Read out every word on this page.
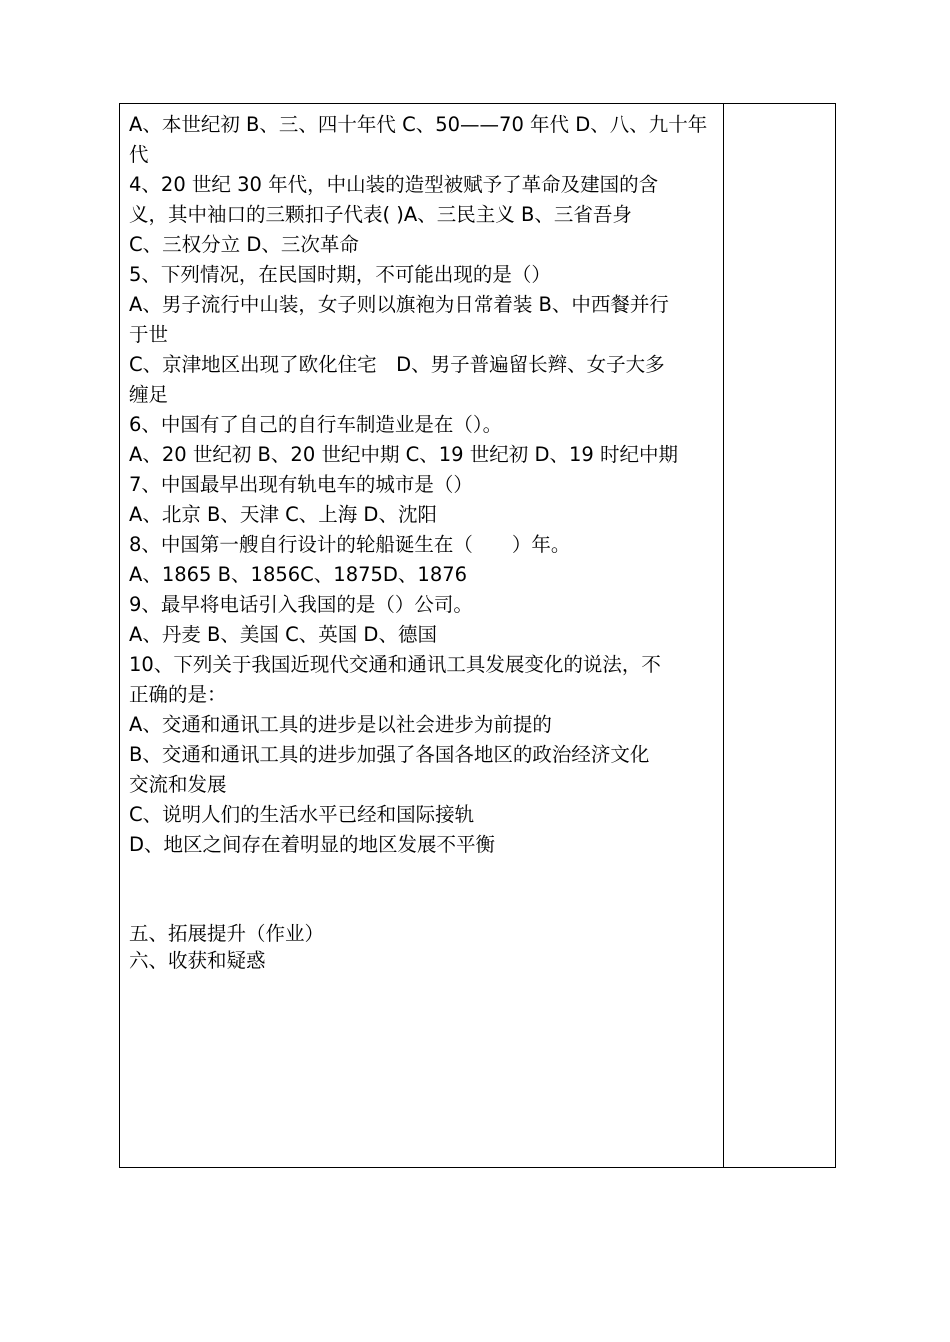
A、本世纪初 B、三、四十年代 C、50——70 年代 D、八、九十年
代
4、20 世纪 30 年代，中山装的造型被赋予了革命及建国的含
义，其中袖口的三颗扣子代表( )A、三民主义 B、三省吾身
C、三权分立 D、三次革命
5、下列情况，在民国时期，不可能出现的是（）
A、男子流行中山装，女子则以旗袍为日常着装 B、中西餐并行
于世
C、京津地区出现了欧化住宅　D、男子普遍留长辫、女子大多
缠足
6、中国有了自己的自行车制造业是在（）。
A、20 世纪初 B、20 世纪中期 C、19 世纪初 D、19 时纪中期
7、中国最早出现有轨电车的城市是（）
A、北京 B、天津 C、上海 D、沈阳
8、中国第一艘自行设计的轮船诞生在（　　）年。
A、1865 B、1856C、1875D、1876
9、最早将电话引入我国的是（）公司。
A、丹麦 B、美国 C、英国 D、德国
10、下列关于我国近现代交通和通讯工具发展变化的说法，不
正确的是：
A、交通和通讯工具的进步是以社会进步为前提的
B、交通和通讯工具的进步加强了各国各地区的政治经济文化
交流和发展
C、说明人们的生活水平已经和国际接轨
D、地区之间存在着明显的地区发展不平衡
五、拓展提升（作业）
六、收获和疑惑
